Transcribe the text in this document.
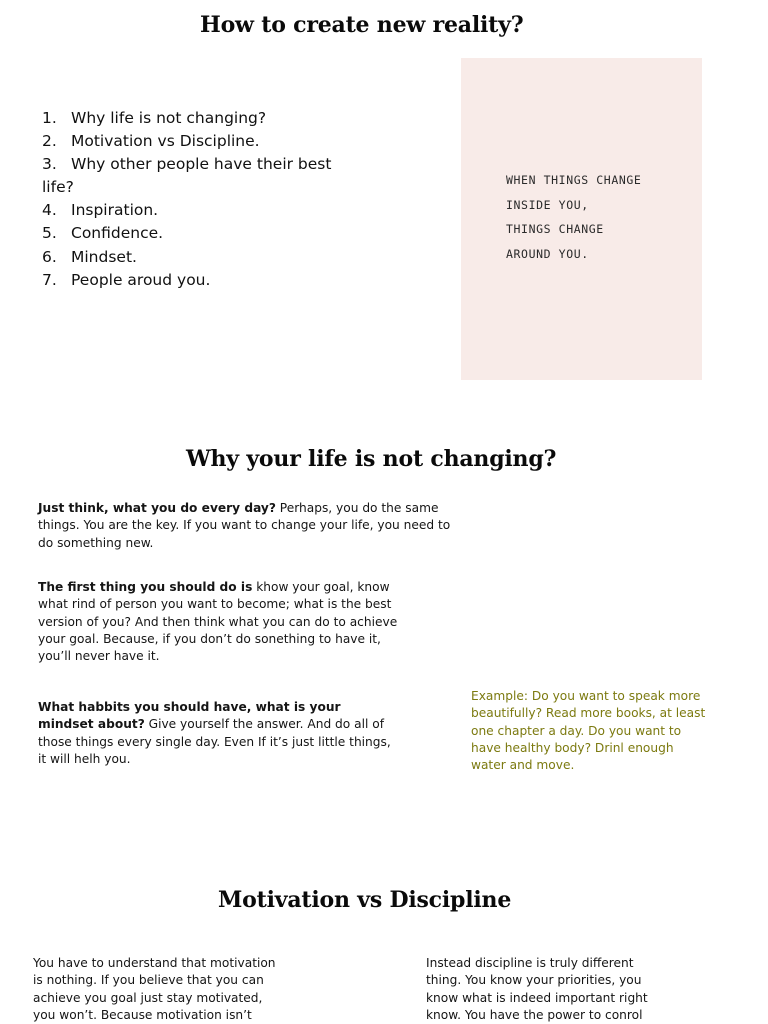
How to create new reality?
1. Why life is not changing?
2. Motivation vs Discipline.
3. Why other people have their best life?
4. Inspiration.
5. Confidence.
6. Mindset.
7. People aroud you.

WHEN THINGS CHANGE
INSIDE YOU,
THINGS CHANGE
AROUND YOU.

Why your life is not changing?

Just think, what you do every day? Perhaps, you do the same things. You are the key. If you want to change your life, you need to do something new.

The first thing you should do is khow your goal, know what rind of person you want to become; what is the best version of you? And then think what you can do to achieve your goal. Because, if you don’t do sonething to have it, you’ll never have it.

What habbits you should have, what is your mindset about? Give yourself the answer. And do all of those things every single day. Even If it’s just little things, it will helh you.

Example: Do you want to speak more beautifully? Read more books, at least one chapter a day. Do you want to have healthy body? Drinl enough water and move.

Motivation vs Discipline

You have to understand that motivation is nothing. If you believe that you can achieve you goal just stay motivated, you won’t. Because motivation isn’t

Instead discipline is truly different thing. You know your priorities, you know what is indeed important right know. You have the power to conrol
